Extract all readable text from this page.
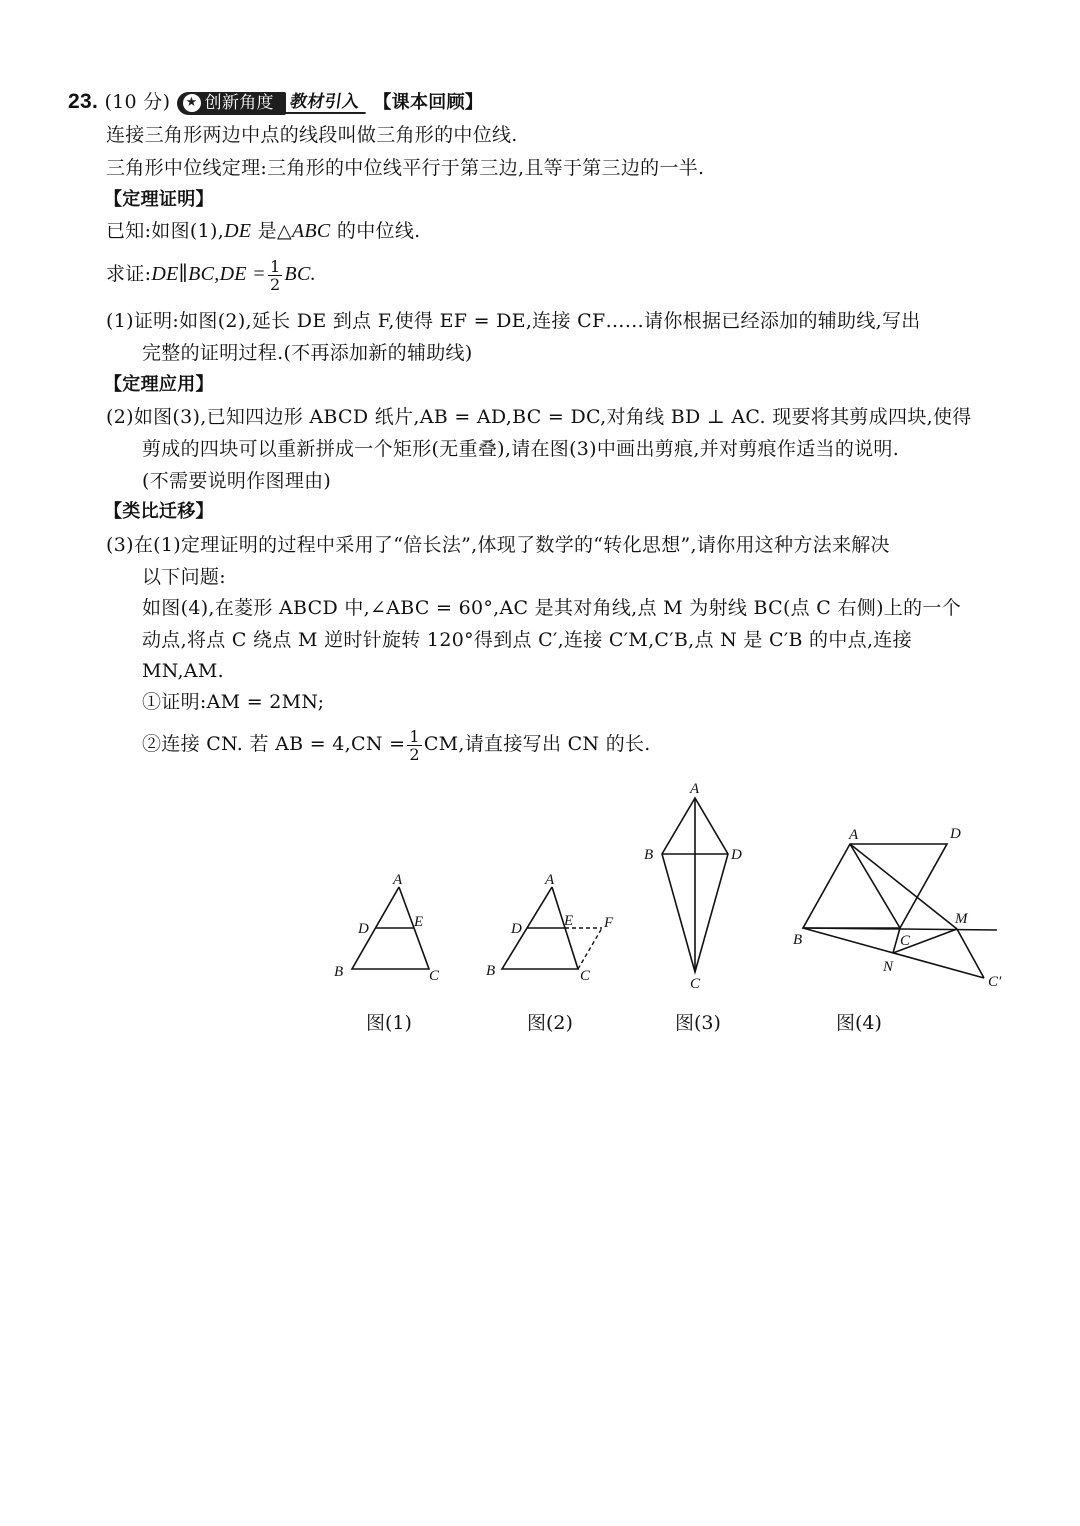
23. (10 分) ★ 创新角度 教材引入 【课本回顾】
连接三角形两边中点的线段叫做三角形的中位线.
三角形中位线定理:三角形的中位线平行于第三边,且等于第三边的一半.
【定理证明】
已知:如图(1),DE 是△ABC 的中位线.
求证:DE∥BC,DE = $\frac{1}{2}$ BC.
(1)证明:如图(2),延长 DE 到点 F,使得 EF = DE,连接 CF……请你根据已经添加的辅助线,写出
完整的证明过程.(不再添加新的辅助线)
【定理应用】
(2)如图(3),已知四边形 ABCD 纸片,AB = AD,BC = DC,对角线 BD ⊥ AC. 现要将其剪成四块,使得
剪成的四块可以重新拼成一个矩形(无重叠),请在图(3)中画出剪痕,并对剪痕作适当的说明.
(不需要说明作图理由)
【类比迁移】
(3)在(1)定理证明的过程中采用了“倍长法”,体现了数学的“转化思想”,请你用这种方法来解决
以下问题:
如图(4),在菱形 ABCD 中,∠ABC = 60°,AC 是其对角线,点 M 为射线 BC(点 C 右侧)上的一个
动点,将点 C 绕点 M 逆时针旋转 120°得到点 C′,连接 C′M,C′B,点 N 是 C′B 的中点,连接
MN,AM.
①证明:AM = 2MN;
②连接 CN. 若 AB = $4,CN = \frac{1}{2}$ CM,请直接写出 CN 的长.
A
D	E
B	C
图(1)
A
D	E F
B	C
图(2)
A
B	D
C
图(3)
A	D
B	C
M
N
C′
图(4)
